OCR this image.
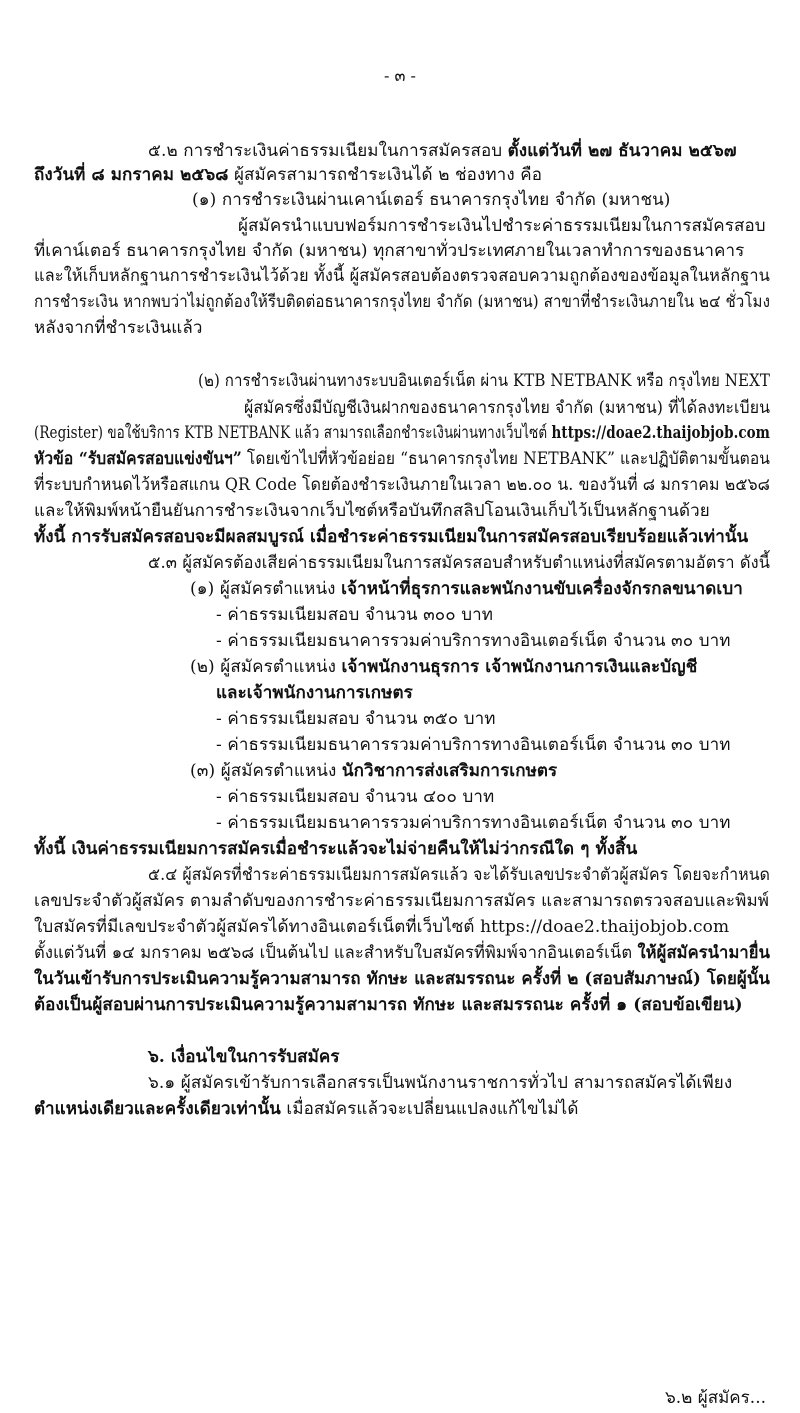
- ๓ -
๕.๒ การชำระเงินค่าธรรมเนียมในการสมัครสอบ ตั้งแต่วันที่ ๒๗ ธันวาคม ๒๕๖๗
ถึงวันที่ ๘ มกราคม ๒๕๖๘ ผู้สมัครสามารถชำระเงินได้ ๒ ช่องทาง คือ
(๑) การชำระเงินผ่านเคาน์เตอร์ ธนาคารกรุงไทย จำกัด (มหาชน)
ผู้สมัครนำแบบฟอร์มการชำระเงินไปชำระค่าธรรมเนียมในการสมัครสอบ
ที่เคาน์เตอร์ ธนาคารกรุงไทย จำกัด (มหาชน) ทุกสาขาทั่วประเทศภายในเวลาทำการของธนาคาร
และให้เก็บหลักฐานการชำระเงินไว้ด้วย ทั้งนี้ ผู้สมัครสอบต้องตรวจสอบความถูกต้องของข้อมูลในหลักฐาน
การชำระเงิน หากพบว่าไม่ถูกต้องให้รีบติดต่อธนาคารกรุงไทย จำกัด (มหาชน) สาขาที่ชำระเงินภายใน ๒๔ ชั่วโมง
หลังจากที่ชำระเงินแล้ว
(๒) การชำระเงินผ่านทางระบบอินเตอร์เน็ต ผ่าน KTB NETBANK หรือ กรุงไทย NEXT
ผู้สมัครซึ่งมีบัญชีเงินฝากของธนาคารกรุงไทย จำกัด (มหาชน) ที่ได้ลงทะเบียน
(Register) ขอใช้บริการ KTB NETBANK แล้ว สามารถเลือกชำระเงินผ่านทางเว็บไซต์ https://doae2.thaijobjob.com
หัวข้อ “รับสมัครสอบแข่งขันฯ” โดยเข้าไปที่หัวข้อย่อย “ธนาคารกรุงไทย NETBANK” และปฏิบัติตามขั้นตอน
ที่ระบบกำหนดไว้หรือสแกน QR Code โดยต้องชำระเงินภายในเวลา ๒๒.๐๐ น. ของวันที่ ๘ มกราคม ๒๕๖๘
และให้พิมพ์หน้ายืนยันการชำระเงินจากเว็บไซต์หรือบันทึกสลิปโอนเงินเก็บไว้เป็นหลักฐานด้วย
ทั้งนี้ การรับสมัครสอบจะมีผลสมบูรณ์ เมื่อชำระค่าธรรมเนียมในการสมัครสอบเรียบร้อยแล้วเท่านั้น
๕.๓ ผู้สมัครต้องเสียค่าธรรมเนียมในการสมัครสอบสำหรับตำแหน่งที่สมัครตามอัตรา ดังนี้
(๑) ผู้สมัครตำแหน่ง เจ้าหน้าที่ธุรการและพนักงานขับเครื่องจักรกลขนาดเบา
- ค่าธรรมเนียมสอบ จำนวน ๓๐๐ บาท
- ค่าธรรมเนียมธนาคารรวมค่าบริการทางอินเตอร์เน็ต จำนวน ๓๐ บาท
(๒) ผู้สมัครตำแหน่ง เจ้าพนักงานธุรการ เจ้าพนักงานการเงินและบัญชี
และเจ้าพนักงานการเกษตร
- ค่าธรรมเนียมสอบ จำนวน ๓๕๐ บาท
- ค่าธรรมเนียมธนาคารรวมค่าบริการทางอินเตอร์เน็ต จำนวน ๓๐ บาท
(๓) ผู้สมัครตำแหน่ง นักวิชาการส่งเสริมการเกษตร
- ค่าธรรมเนียมสอบ จำนวน ๔๐๐ บาท
- ค่าธรรมเนียมธนาคารรวมค่าบริการทางอินเตอร์เน็ต จำนวน ๓๐ บาท
ทั้งนี้ เงินค่าธรรมเนียมการสมัครเมื่อชำระแล้วจะไม่จ่ายคืนให้ไม่ว่ากรณีใด ๆ ทั้งสิ้น
๕.๔ ผู้สมัครที่ชำระค่าธรรมเนียมการสมัครแล้ว จะได้รับเลขประจำตัวผู้สมัคร โดยจะกำหนด
เลขประจำตัวผู้สมัคร ตามลำดับของการชำระค่าธรรมเนียมการสมัคร และสามารถตรวจสอบและพิมพ์
ใบสมัครที่มีเลขประจำตัวผู้สมัครได้ทางอินเตอร์เน็ตที่เว็บไซต์ https://doae2.thaijobjob.com
ตั้งแต่วันที่ ๑๔ มกราคม ๒๕๖๘ เป็นต้นไป และสำหรับใบสมัครที่พิมพ์จากอินเตอร์เน็ต ให้ผู้สมัครนำมายื่น
ในวันเข้ารับการประเมินความรู้ความสามารถ ทักษะ และสมรรถนะ ครั้งที่ ๒ (สอบสัมภาษณ์) โดยผู้นั้น
ต้องเป็นผู้สอบผ่านการประเมินความรู้ความสามารถ ทักษะ และสมรรถนะ ครั้งที่ ๑ (สอบข้อเขียน)
๖. เงื่อนไขในการรับสมัคร
๖.๑ ผู้สมัครเข้ารับการเลือกสรรเป็นพนักงานราชการทั่วไป สามารถสมัครได้เพียง
ตำแหน่งเดียวและครั้งเดียวเท่านั้น เมื่อสมัครแล้วจะเปลี่ยนแปลงแก้ไขไม่ได้
๖.๒ ผู้สมัคร...
